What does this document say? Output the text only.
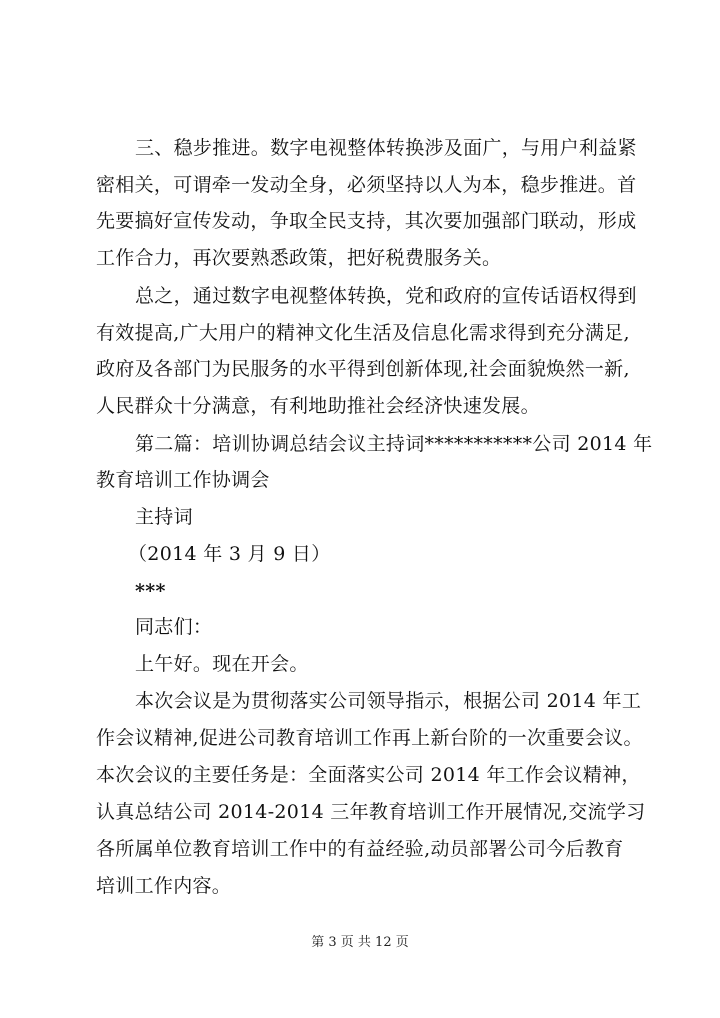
三、稳步推进。数字电视整体转换涉及面广，与用户利益紧
密相关，可谓牵一发动全身，必须坚持以人为本，稳步推进。首
先要搞好宣传发动，争取全民支持，其次要加强部门联动，形成
工作合力，再次要熟悉政策，把好税费服务关。
总之，通过数字电视整体转换，党和政府的宣传话语权得到
有效提高,广大用户的精神文化生活及信息化需求得到充分满足,
政府及各部门为民服务的水平得到创新体现,社会面貌焕然一新,
人民群众十分满意，有利地助推社会经济快速发展。
第二篇：培训协调总结会议主持词***********公司 2014 年
教育培训工作协调会
主持词
（2014 年 3 月 9 日）
***
同志们：
上午好。现在开会。
本次会议是为贯彻落实公司领导指示，根据公司 2014 年工
作会议精神,促进公司教育培训工作再上新台阶的一次重要会议。
本次会议的主要任务是：全面落实公司 2014 年工作会议精神，
认真总结公司 2014-2014 三年教育培训工作开展情况,交流学习
各所属单位教育培训工作中的有益经验,动员部署公司今后教育
培训工作内容。
第 3 页 共 12 页
